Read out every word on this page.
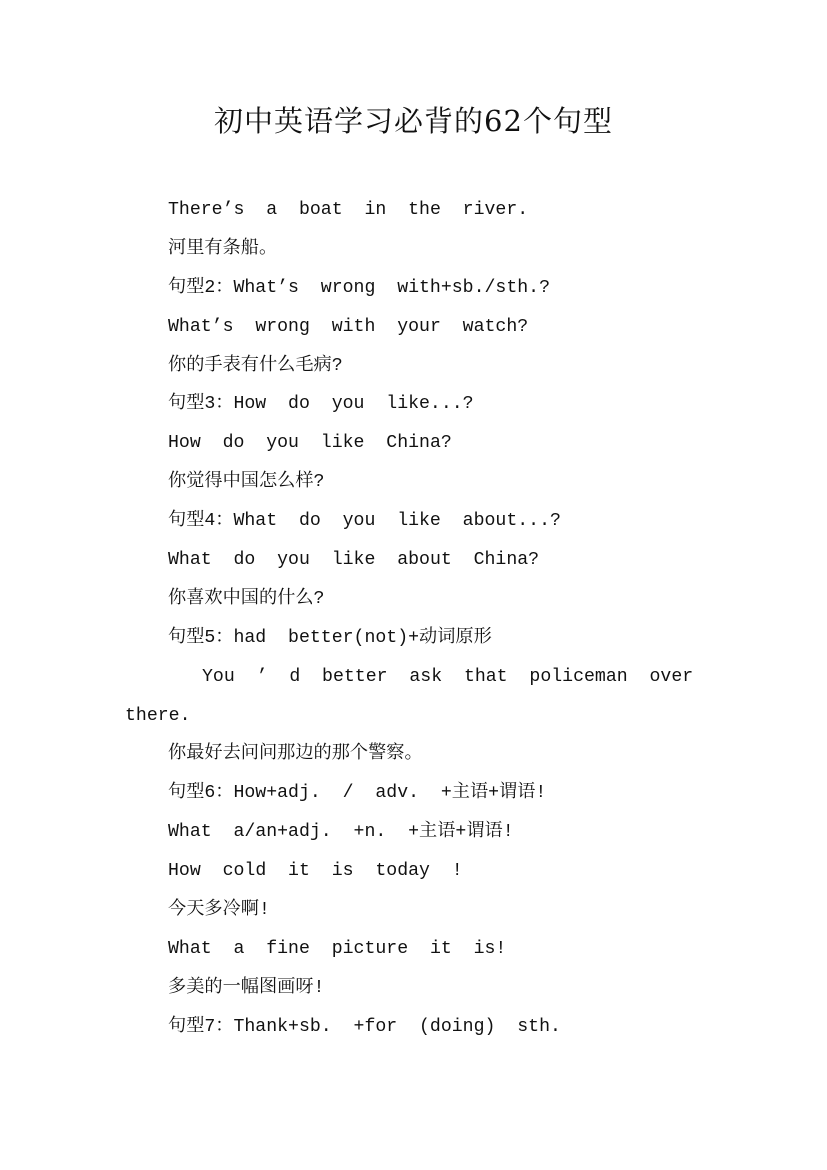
初中英语学习必背的62个句型
There’s  a  boat  in  the  river.
河里有条船。
句型2：What’s  wrong  with+sb./sth.?
What’s  wrong  with  your  watch?
你的手表有什么毛病?
句型3：How  do  you  like...?
How  do  you  like  China?
你觉得中国怎么样?
句型4：What  do  you  like  about...?
What  do  you  like  about  China?
你喜欢中国的什么?
句型5：had  better(not)+动词原形
You  ’  d  better  ask  that  policeman  over
there.
你最好去问问那边的那个警察。
句型6：How+adj.  /  adv.  +主语+谓语!
What  a/an+adj.  +n.  +主语+谓语!
How  cold  it  is  today  !
今天多冷啊!
What  a  fine  picture  it  is!
多美的一幅图画呀!
句型7：Thank+sb.  +for  (doing)  sth.
